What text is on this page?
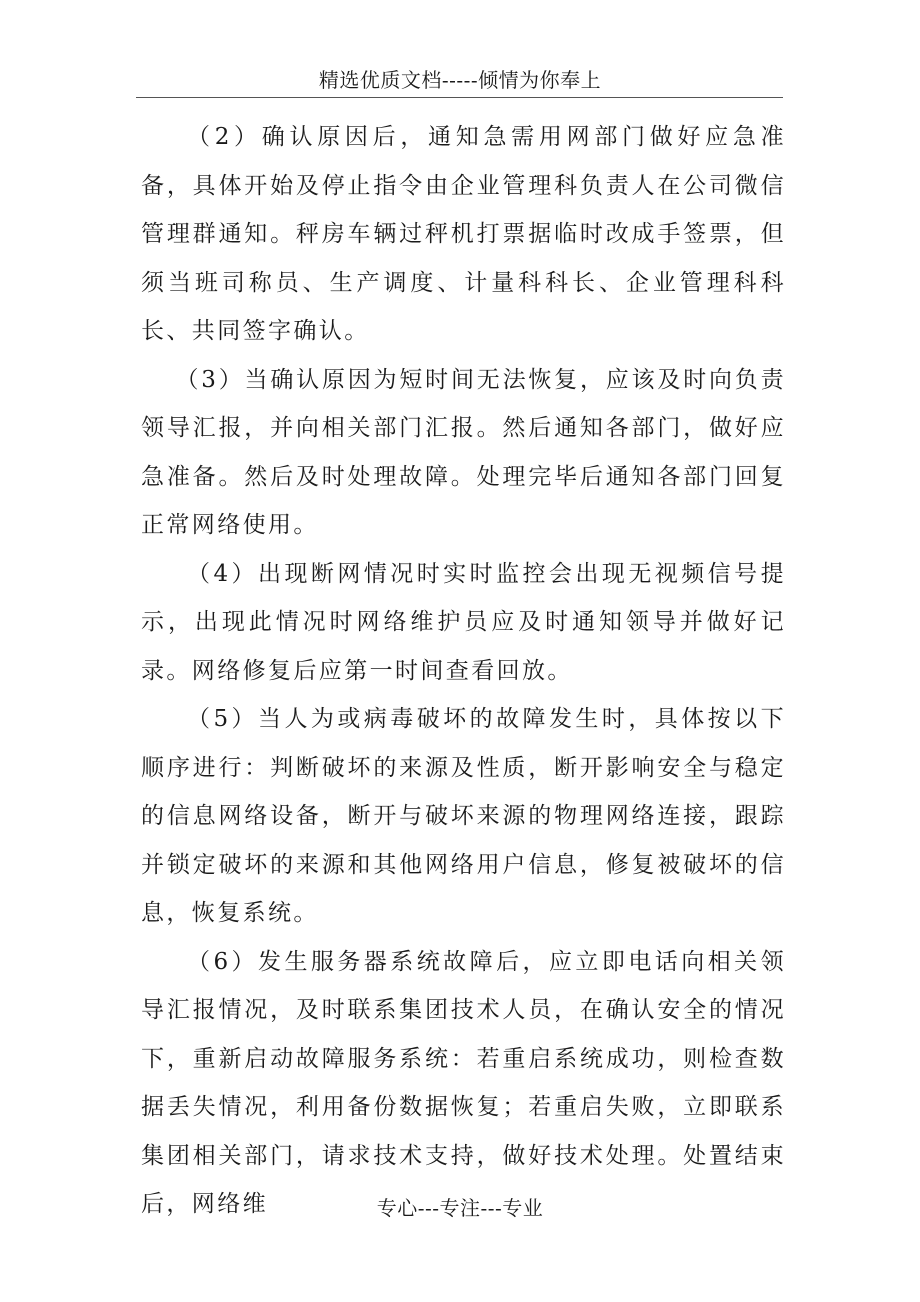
精选优质文档-----倾情为你奉上

（2）确认原因后，通知急需用网部门做好应急准备，具体开始及停止指令由企业管理科负责人在公司微信管理群通知。秤房车辆过秤机打票据临时改成手签票，但须当班司称员、生产调度、计量科科长、企业管理科科长、共同签字确认。

（3）当确认原因为短时间无法恢复，应该及时向负责领导汇报，并向相关部门汇报。然后通知各部门，做好应急准备。然后及时处理故障。处理完毕后通知各部门回复正常网络使用。

（4）出现断网情况时实时监控会出现无视频信号提示，出现此情况时网络维护员应及时通知领导并做好记录。网络修复后应第一时间查看回放。

（5）当人为或病毒破坏的故障发生时，具体按以下顺序进行：判断破坏的来源及性质，断开影响安全与稳定的信息网络设备，断开与破坏来源的物理网络连接，跟踪并锁定破坏的来源和其他网络用户信息，修复被破坏的信息，恢复系统。

（6）发生服务器系统故障后，应立即电话向相关领导汇报情况，及时联系集团技术人员，在确认安全的情况下，重新启动故障服务系统：若重启系统成功，则检查数据丢失情况，利用备份数据恢复；若重启失败，立即联系集团相关部门，请求技术支持，做好技术处理。处置结束后，网络维	专心---专注---专业
